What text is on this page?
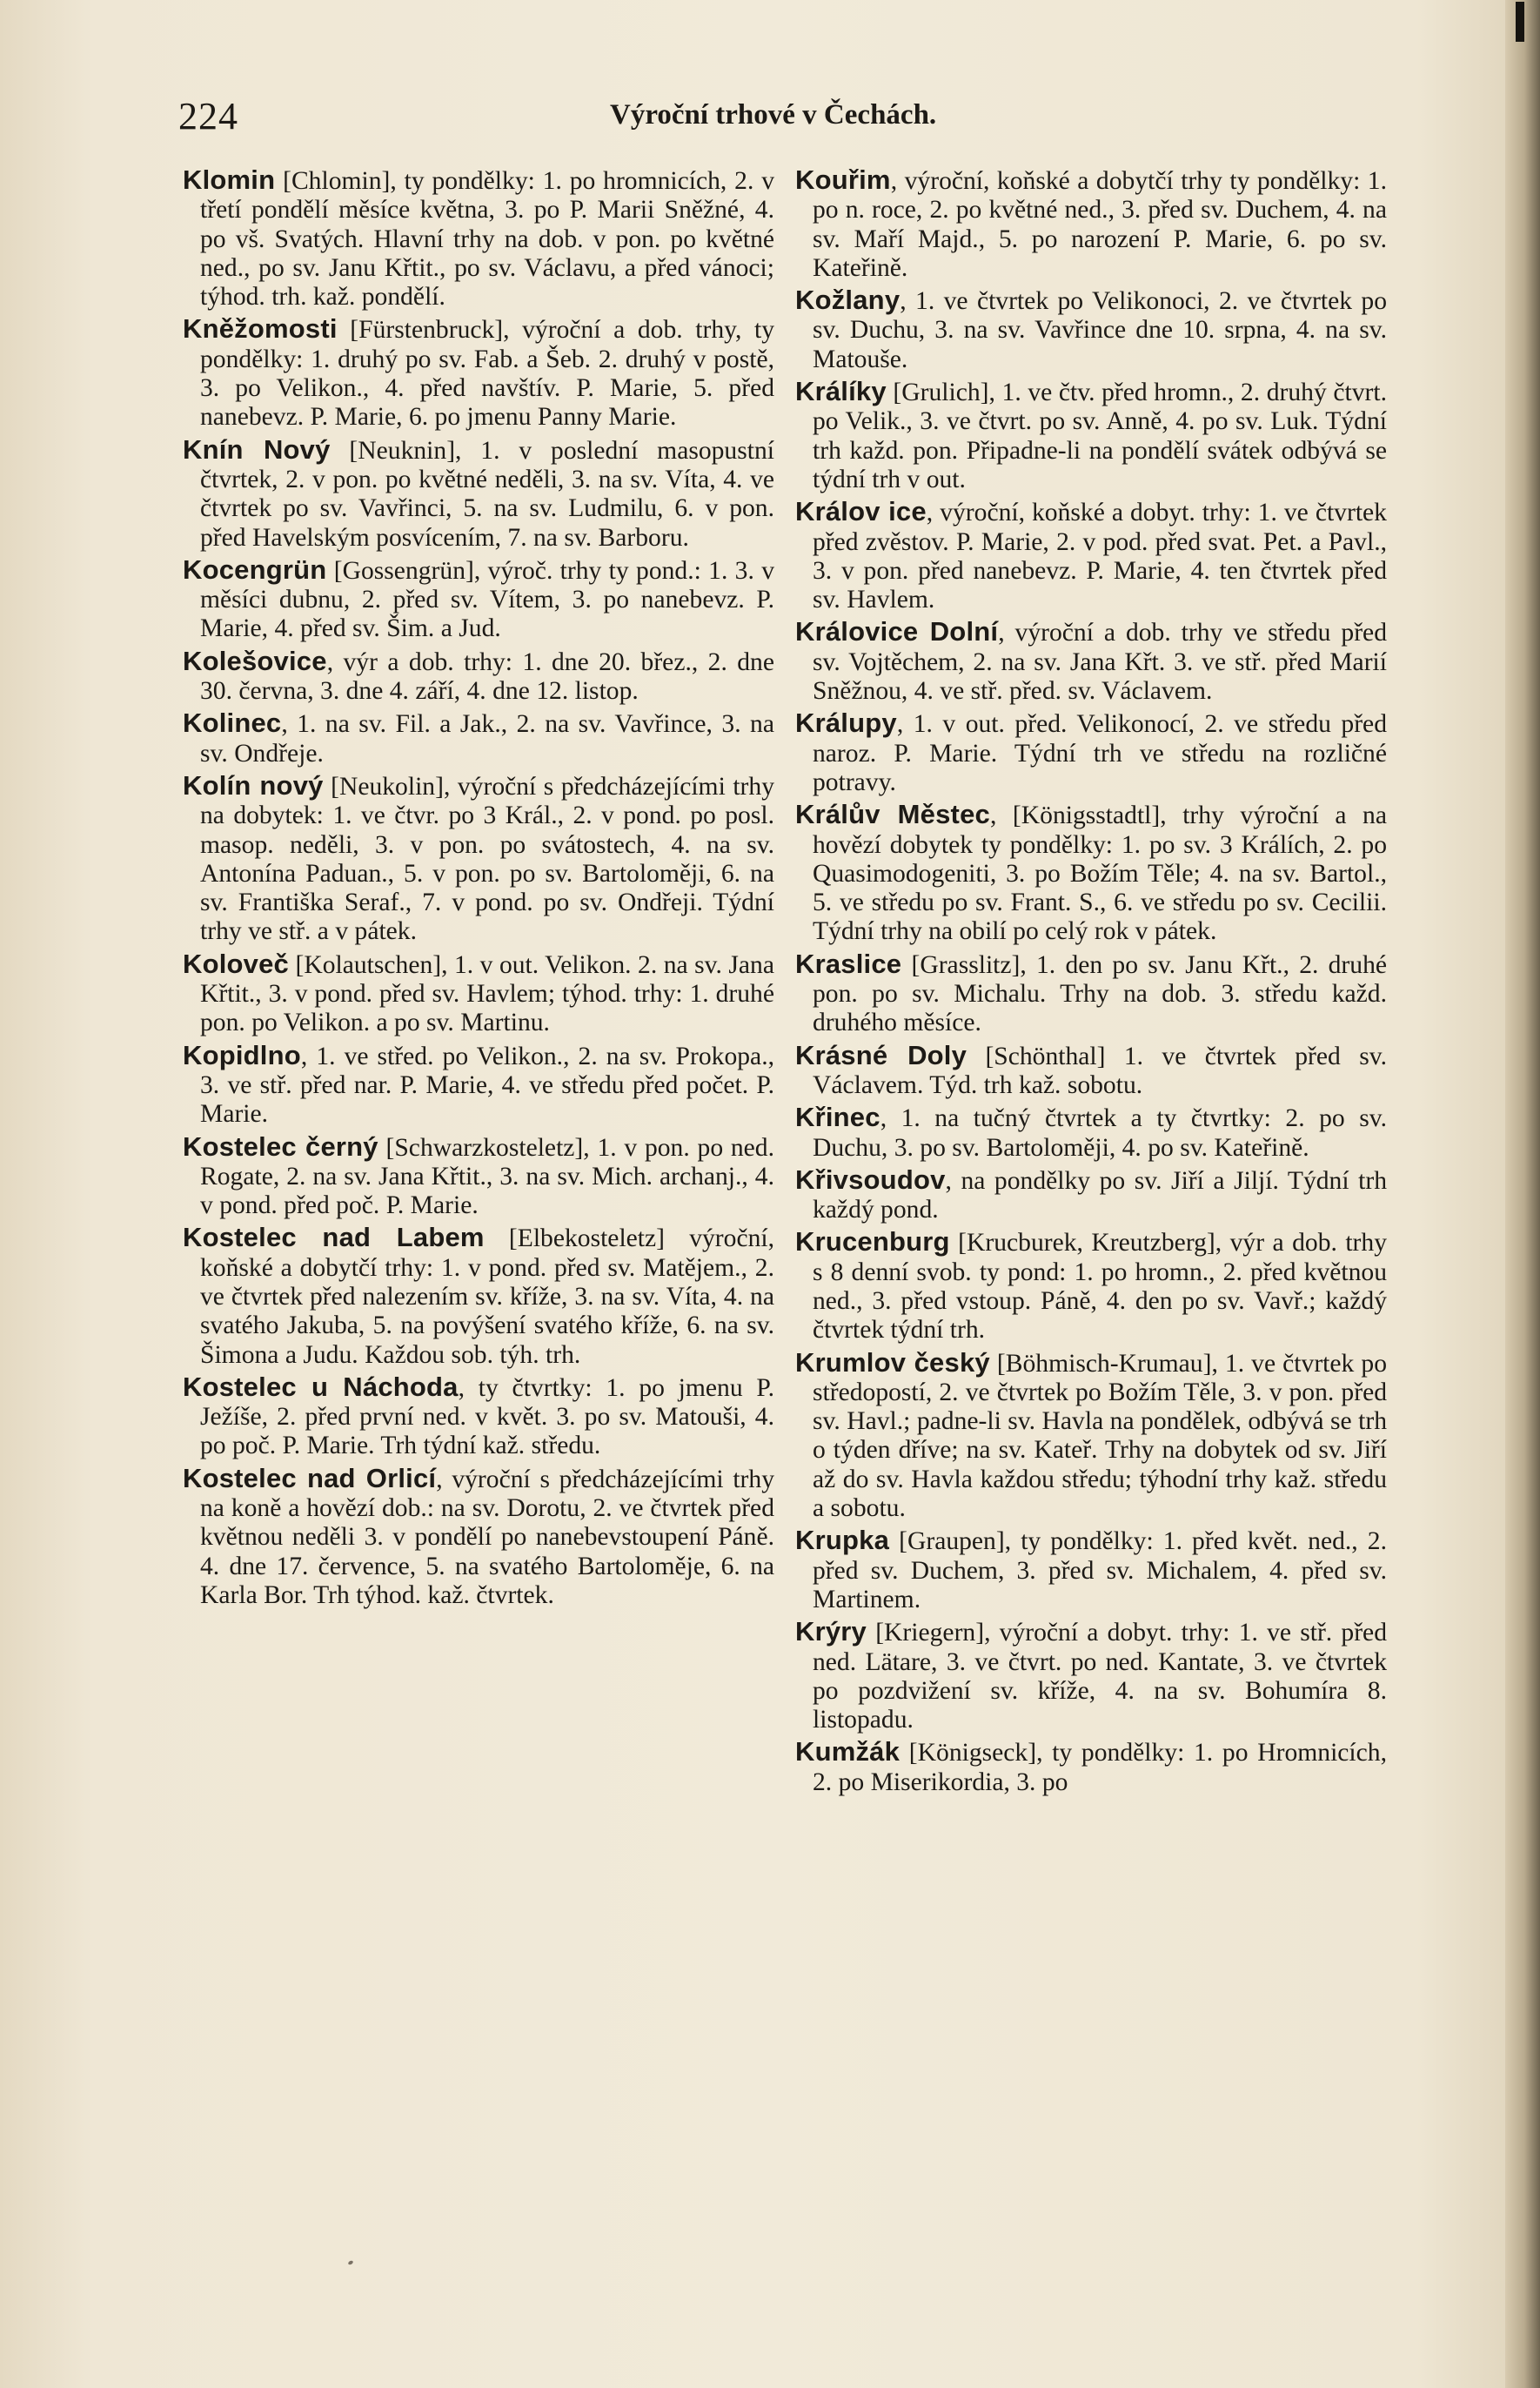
224	Výroční trhové v Čechách.

Klomin [Chlomin], ty pondělky: 1. po hromnicích, 2. v třetí pondělí měsíce května, 3. po P. Marii Sněžné, 4. po vš. Svatých. Hlavní trhy na dob. v pon. po květné ned., po sv. Janu Křtit., po sv. Václavu, a před vánoci; týhod. trh. kaž. pondělí.

Kněžomosti [Fürstenbruck], výroční a dob. trhy, ty pondělky: 1. druhý po sv. Fab. a Šeb. 2. druhý v postě, 3. po Velikon., 4. před navštív. P. Marie, 5. před nanebevz. P. Marie, 6. po jmenu Panny Marie.

Knín Nový [Neuknin], 1. v poslední masopustní čtvrtek, 2. v pon. po květné neděli, 3. na sv. Víta, 4. ve čtvrtek po sv. Vavřinci, 5. na sv. Ludmilu, 6. v pon. před Havelským posvícením, 7. na sv. Barboru.

Kocengrün [Gossengrün], výroč. trhy ty pond.: 1. 3. v měsíci dubnu, 2. před sv. Vítem, 3. po nanebevz. P. Marie, 4. před sv. Šim. a Jud.

Kolešovice, výr a dob. trhy: 1. dne 20. břez., 2. dne 30. června, 3. dne 4. září, 4. dne 12. listop.

Kolinec, 1. na sv. Fil. a Jak., 2. na sv. Vavřince, 3. na sv. Ondřeje.

Kolín nový [Neukolin], výroční s předcházejícími trhy na dobytek: 1. ve čtvr. po 3 Král., 2. v pond. po posl. masop. neděli, 3. v pon. po svátostech, 4. na sv. Antonína Paduan., 5. v pon. po sv. Bartoloměji, 6. na sv. Františka Seraf., 7. v pond. po sv. Ondřeji. Týdní trhy ve stř. a v pátek.

Koloveč [Kolautschen], 1. v out. Velikon. 2. na sv. Jana Křtit., 3. v pond. před sv. Havlem; týhod. trhy: 1. druhé pon. po Velikon. a po sv. Martinu.

Kopidlno, 1. ve střed. po Velikon., 2. na sv. Prokopa., 3. ve stř. před nar. P. Marie, 4. ve středu před počet. P. Marie.

Kostelec černý [Schwarzkosteletz], 1. v pon. po ned. Rogate, 2. na sv. Jana Křtit., 3. na sv. Mich. archanj., 4. v pond. před poč. P. Marie.

Kostelec nad Labem [Elbekosteletz] výroční, koňské a dobytčí trhy: 1. v pond. před sv. Matějem., 2. ve čtvrtek před nalezením sv. kříže, 3. na sv. Víta, 4. na svatého Jakuba, 5. na povýšení svatého kříže, 6. na sv. Šimona a Judu. Každou sob. týh. trh.

Kostelec u Náchoda, ty čtvrtky: 1. po jmenu P. Ježíše, 2. před první ned. v květ. 3. po sv. Matouši, 4. po poč. P. Marie. Trh týdní kaž. středu.

Kostelec nad Orlicí, výroční s předcházejícími trhy na koně a hovězí dob.: na sv. Dorotu, 2. ve čtvrtek před květnou neděli 3. v pondělí po nanebevstoupení Páně. 4. dne 17. července, 5. na svatého Bartoloměje, 6. na Karla Bor. Trh týhod. kaž. čtvrtek.

Kouřim, výroční, koňské a dobytčí trhy ty pondělky: 1. po n. roce, 2. po květné ned., 3. před sv. Duchem, 4. na sv. Maří Majd., 5. po narození P. Marie, 6. po sv. Kateřině.

Kožlany, 1. ve čtvrtek po Velikonoci, 2. ve čtvrtek po sv. Duchu, 3. na sv. Vavřince dne 10. srpna, 4. na sv. Matouše.

Králíky [Grulich], 1. ve čtv. před hromn., 2. druhý čtvrt. po Velik., 3. ve čtvrt. po sv. Anně, 4. po sv. Luk. Týdní trh každ. pon. Připadne-li na pondělí svátek odbývá se týdní trh v out.

Králov ice, výroční, koňské a dobyt. trhy: 1. ve čtvrtek před zvěstov. P. Marie, 2. v pod. před svat. Pet. a Pavl., 3. v pon. před nanebevz. P. Marie, 4. ten čtvrtek před sv. Havlem.

Královice Dolní, výroční a dob. trhy ve středu před sv. Vojtěchem, 2. na sv. Jana Křt. 3. ve stř. před Marií Sněžnou, 4. ve stř. před. sv. Václavem.

Králupy, 1. v out. před. Velikonocí, 2. ve středu před naroz. P. Marie. Týdní trh ve středu na rozličné potravy.

Králův Městec, [Königsstadtl], trhy výroční a na hovězí dobytek ty pondělky: 1. po sv. 3 Králích, 2. po Quasimodogeniti, 3. po Božím Těle; 4. na sv. Bartol., 5. ve středu po sv. Frant. S., 6. ve středu po sv. Cecilii. Týdní trhy na obilí po celý rok v pátek.

Kraslice [Grasslitz], 1. den po sv. Janu Křt., 2. druhé pon. po sv. Michalu. Trhy na dob. 3. středu každ. druhého měsíce.

Krásné Doly [Schönthal] 1. ve čtvrtek před sv. Václavem. Týd. trh kaž. sobotu.

Křinec, 1. na tučný čtvrtek a ty čtvrtky: 2. po sv. Duchu, 3. po sv. Bartoloměji, 4. po sv. Kateřině.

Křivsoudov, na pondělky po sv. Jiří a Jiljí. Týdní trh každý pond.

Krucenburg [Krucburek, Kreutzberg], výr a dob. trhy s 8 denní svob. ty pond: 1. po hromn., 2. před květnou ned., 3. před vstoup. Páně, 4. den po sv. Vavř.; každý čtvrtek týdní trh.

Krumlov český [Böhmisch-Krumau], 1. ve čtvrtek po středopostí, 2. ve čtvrtek po Božím Těle, 3. v pon. před sv. Havl.; padne-li sv. Havla na pondělek, odbývá se trh o týden dříve; na sv. Kateř. Trhy na dobytek od sv. Jiří až do sv. Havla každou středu; týhodní trhy kaž. středu a sobotu.

Krupka [Graupen], ty pondělky: 1. před květ. ned., 2. před sv. Duchem, 3. před sv. Michalem, 4. před sv. Martinem.

Krýry [Kriegern], výroční a dobyt. trhy: 1. ve stř. před ned. Lätare, 3. ve čtvrt. po ned. Kantate, 3. ve čtvrtek po pozdvižení sv. kříže, 4. na sv. Bohumíra 8. listopadu.

Kumžák [Königseck], ty pondělky: 1. po Hromnicích, 2. po Miserikordia, 3. po
